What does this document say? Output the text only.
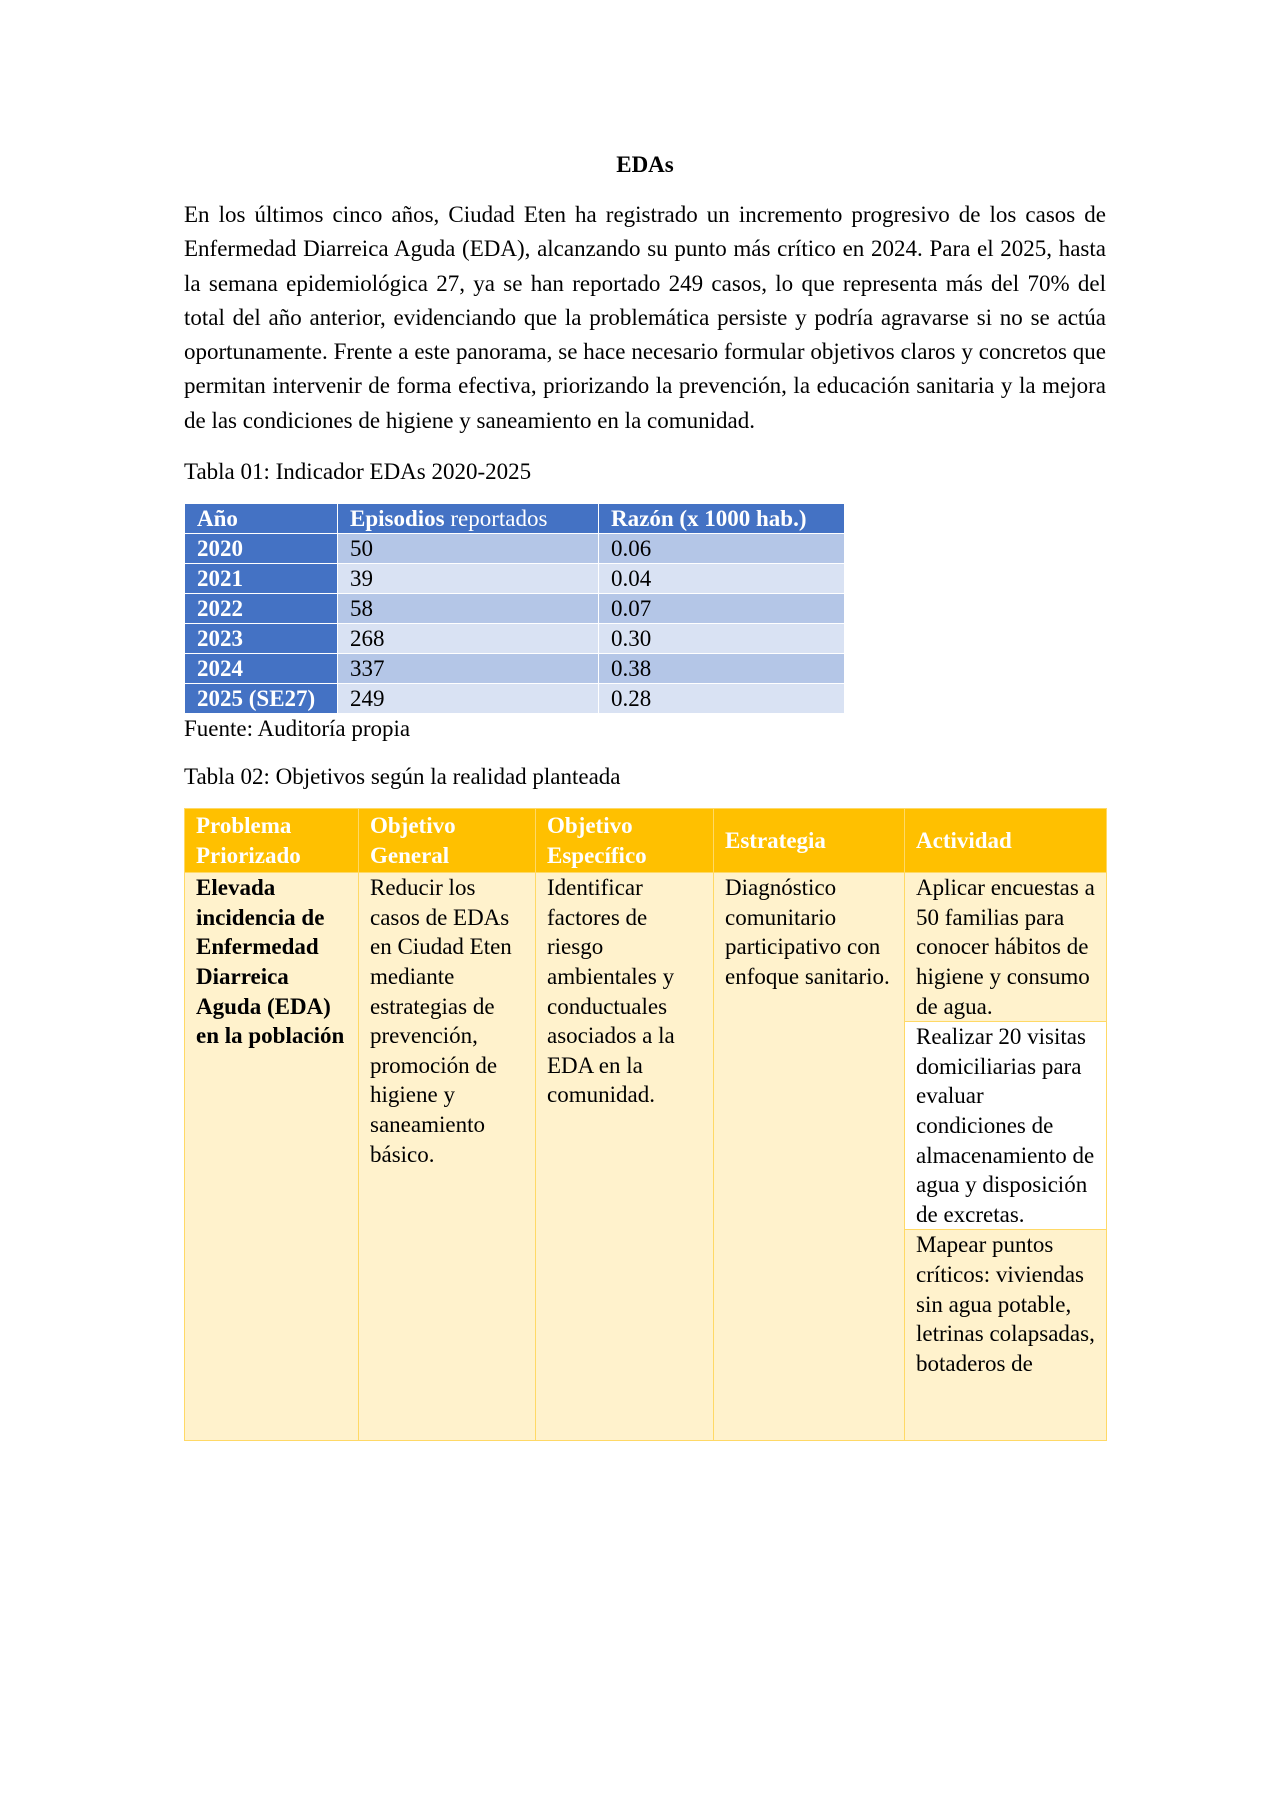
EDAs

En los últimos cinco años, Ciudad Eten ha registrado un incremento progresivo de los casos de Enfermedad Diarreica Aguda (EDA), alcanzando su punto más crítico en 2024. Para el 2025, hasta la semana epidemiológica 27, ya se han reportado 249 casos, lo que representa más del 70% del total del año anterior, evidenciando que la problemática persiste y podría agravarse si no se actúa oportunamente. Frente a este panorama, se hace necesario formular objetivos claros y concretos que permitan intervenir de forma efectiva, priorizando la prevención, la educación sanitaria y la mejora de las condiciones de higiene y saneamiento en la comunidad.

Tabla 01: Indicador EDAs 2020-2025

Año	Episodios reportados	Razón (x 1000 hab.)
2020	50	0.06
2021	39	0.04
2022	58	0.07
2023	268	0.30
2024	337	0.38
2025 (SE27)	249	0.28

Fuente: Auditoría propia

Tabla 02: Objetivos según la realidad planteada

Problema Priorizado	Objetivo General	Objetivo Específico	Estrategia	Actividad
Elevada incidencia de Enfermedad Diarreica Aguda (EDA) en la población	Reducir los casos de EDAs en Ciudad Eten mediante estrategias de prevención, promoción de higiene y saneamiento básico.	Identificar factores de riesgo ambientales y conductuales asociados a la EDA en la comunidad.	Diagnóstico comunitario participativo con enfoque sanitario.	Aplicar encuestas a 50 familias para conocer hábitos de higiene y consumo de agua.
				Realizar 20 visitas domiciliarias para evaluar condiciones de almacenamiento de agua y disposición de excretas.

				Mapear puntos críticos: viviendas sin agua potable, letrinas colapsadas, botaderos de
